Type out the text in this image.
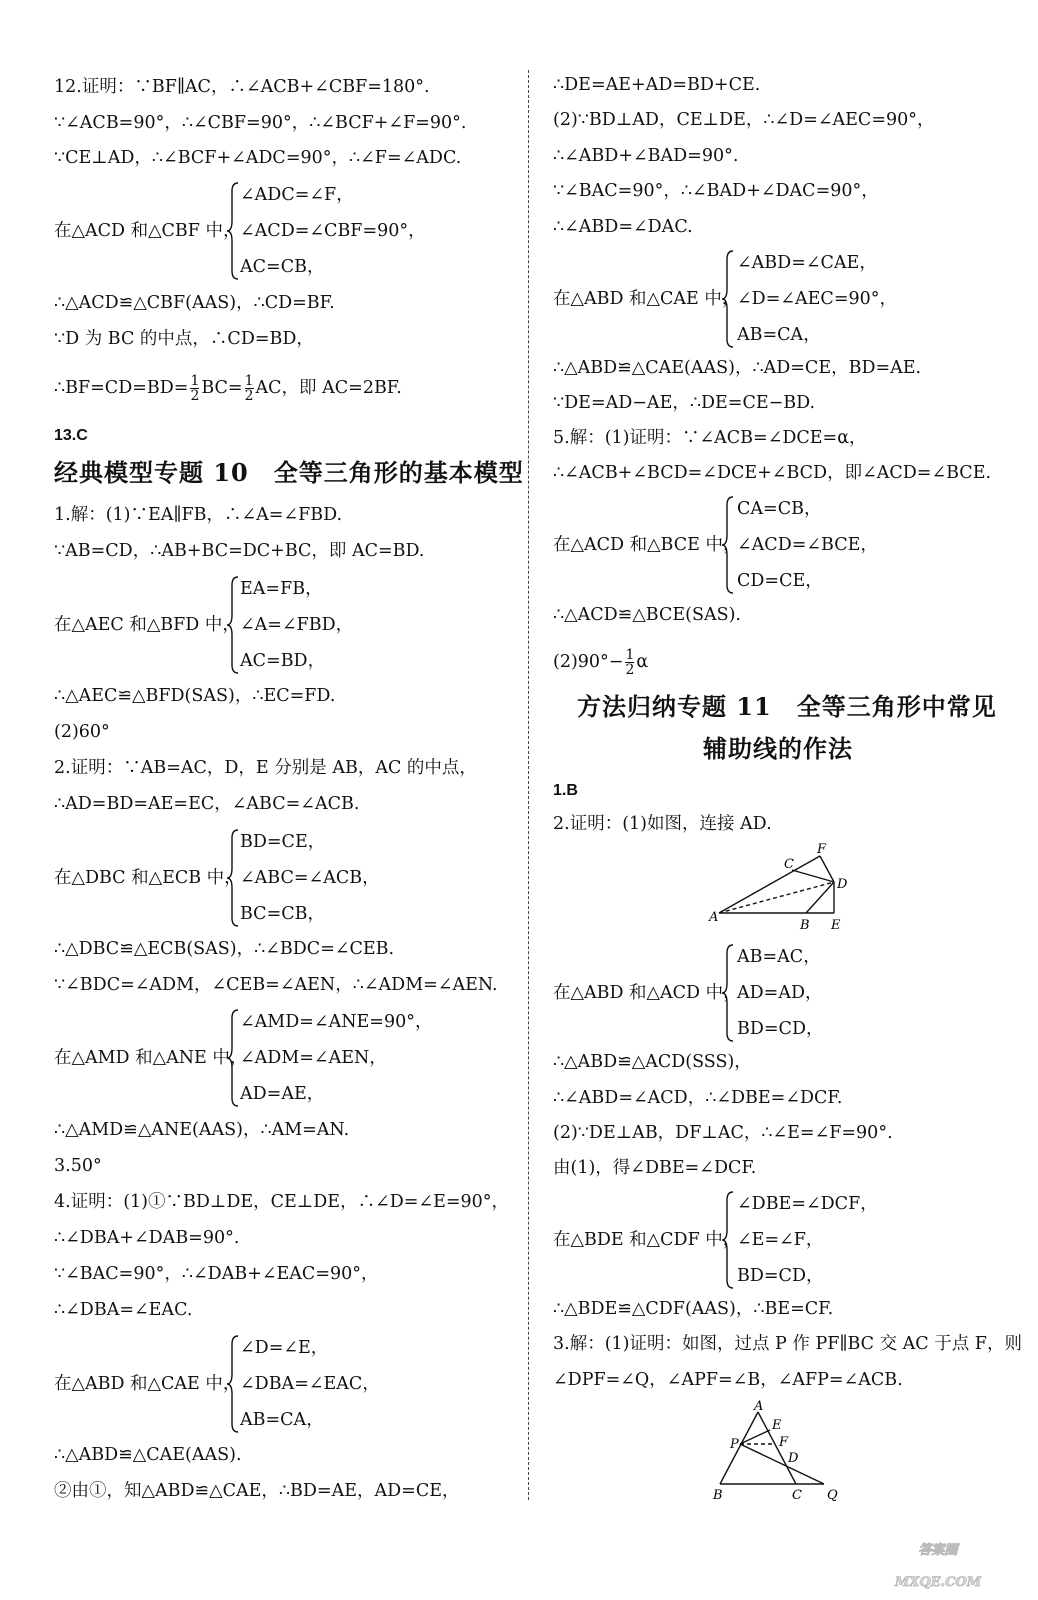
12.证明：∵BF∥AC，∴∠ACB+∠CBF=180°.
∵∠ACB=90°，∴∠CBF=90°，∴∠BCF+∠F=90°.
∵CE⊥AD，∴∠BCF+∠ADC=90°，∴∠F=∠ADC.
在△ACD 和△CBF 中，
∠ADC=∠F，
∠ACD=∠CBF=90°，
AC=CB，
∴△ACD≌△CBF(AAS)，∴CD=BF.
∵D 为 BC 的中点，∴CD=BD，
∴BF=CD=BD= $\frac{1}{2} BC= \frac{1}{2}$ AC，即 AC=2BF.
13.C
经典模型专题 10　全等三角形的基本模型
1.解：(1)∵EA∥FB，∴∠A=∠FBD.
∵AB=CD，∴AB+BC=DC+BC，即 AC=BD.
在△AEC 和△BFD 中，
EA=FB，
∠A=∠FBD，
AC=BD，
∴△AEC≌△BFD(SAS)，∴EC=FD.
(2)60°
2.证明：∵AB=AC，D，E 分别是 AB，AC 的中点，
∴AD=BD=AE=EC，∠ABC=∠ACB.
在△DBC 和△ECB 中，
BD=CE，
∠ABC=∠ACB，
BC=CB，
∴△DBC≌△ECB(SAS)，∴∠BDC=∠CEB.
∵∠BDC=∠ADM，∠CEB=∠AEN，∴∠ADM=∠AEN.
在△AMD 和△ANE 中，
∠AMD=∠ANE=90°，
∠ADM=∠AEN，
AD=AE，
∴△AMD≌△ANE(AAS)，∴AM=AN.
3.50°
4.证明：(1)①∵BD⊥DE，CE⊥DE，∴∠D=∠E=90°，
∴∠DBA+∠DAB=90°.
∵∠BAC=90°，∴∠DAB+∠EAC=90°，
∴∠DBA=∠EAC.
在△ABD 和△CAE 中，
∠D=∠E，
∠DBA=∠EAC，
AB=CA，
∴△ABD≌△CAE(AAS).
②由①，知△ABD≌△CAE，∴BD=AE，AD=CE，
∴DE=AE+AD=BD+CE.
(2)∵BD⊥AD，CE⊥DE，∴∠D=∠AEC=90°，
∴∠ABD+∠BAD=90°.
∵∠BAC=90°，∴∠BAD+∠DAC=90°，
∴∠ABD=∠DAC.
在△ABD 和△CAE 中，
∠ABD=∠CAE，
∠D=∠AEC=90°，
AB=CA，
∴△ABD≌△CAE(AAS)，∴AD=CE，BD=AE.
∵DE=AD−AE，∴DE=CE−BD.
5.解：(1)证明：∵∠ACB=∠DCE=α，
∴∠ACB+∠BCD=∠DCE+∠BCD，即∠ACD=∠BCE.
在△ACD 和△BCE 中，
CA=CB，
∠ACD=∠BCE，
CD=CE，
∴△ACD≌△BCE(SAS).
$(2)90^\circ- \frac{1}{2}$ α
方法归纳专题 11　全等三角形中常见
辅助线的作法
1.B
2.证明：(1)如图，连接 AD.
A
B
C
D
E
F
在△ABD 和△ACD 中，
AB=AC，
AD=AD，
BD=CD，
∴△ABD≌△ACD(SSS)，
∴∠ABD=∠ACD，∴∠DBE=∠DCF.
(2)∵DE⊥AB，DF⊥AC，∴∠E=∠F=90°.
由(1)，得∠DBE=∠DCF.
在△BDE 和△CDF 中，
∠DBE=∠DCF，
∠E=∠F，
BD=CD，
∴△BDE≌△CDF(AAS)，∴BE=CF.
3.解：(1)证明：如图，过点 P 作 PF∥BC 交 AC 于点 F，则
∠DPF=∠Q，∠APF=∠B，∠AFP=∠ACB.
A
B	C
D
E
F
P
Q
答案圈
MXQE.COM
